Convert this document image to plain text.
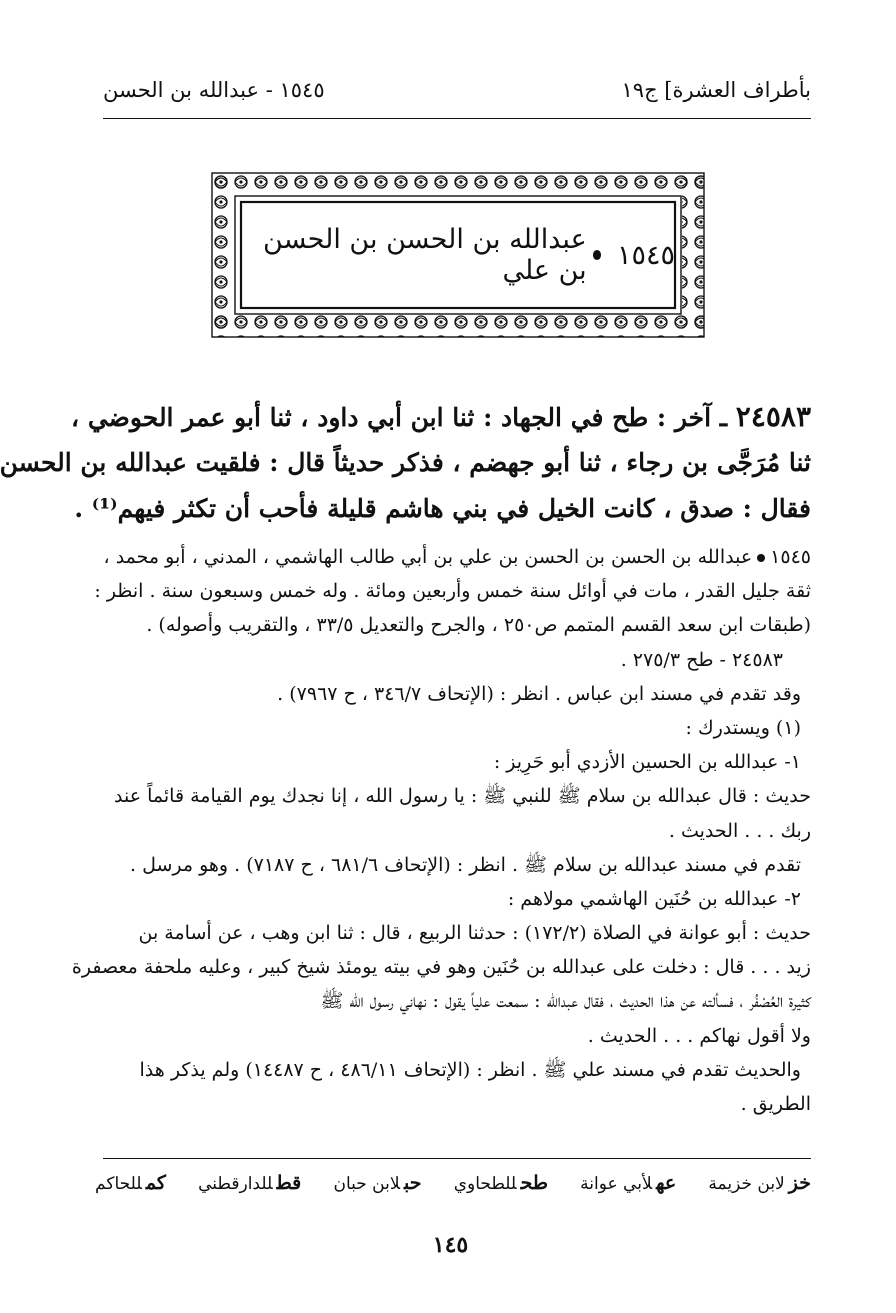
بأطراف العشرة] ج١٩
١٥٤٥ - عبدالله بن الحسن
١٥٤٥
عبدالله بن الحسن بن الحسن بن علي
٢٤٥٨٣ ـ آخر : طح في الجهاد : ثنا ابن أبي داود ، ثنا أبو عمر الحوضي ،
ثنا مُرَجَّى بن رجاء ، ثنا أبو جهضم ، فذكر حديثاً قال : فلقيت عبدالله بن الحسن
فقال : صدق ، كانت الخيل في بني هاشم قليلة فأحب أن تكثر فيهم⁽¹⁾ .
١٥٤٥عبدالله بن الحسن بن الحسن بن علي بن أبي طالب الهاشمي ، المدني ، أبو محمد ،
ثقة جليل القدر ، مات في أوائل سنة خمس وأربعين ومائة . وله خمس وسبعون سنة . انظر :
(طبقات ابن سعد القسم المتمم ص٢٥٠ ، والجرح والتعديل ٣٣/٥ ، والتقريب وأصوله) .
٢٤٥٨٣ - طح ٢٧٥/٣ .
وقد تقدم في مسند ابن عباس . انظر : (الإتحاف ٣٤٦/٧ ، ح ٧٩٦٧) .
(١) ويستدرك :
١- عبدالله بن الحسين الأزدي أبو حَرِيز :
حديث : قال عبدالله بن سلام ﷺ للنبي ﷺ : يا رسول الله ، إنا نجدك يوم القيامة قائماً عند
ربك . . . الحديث .
تقدم في مسند عبدالله بن سلام ﷺ . انظر : (الإتحاف ٦٨١/٦ ، ح ٧١٨٧) . وهو مرسل .
٢- عبدالله بن حُنَين الهاشمي مولاهم :
حديث : أبو عوانة في الصلاة (١٧٢/٢) : حدثنا الربيع ، قال : ثنا ابن وهب ، عن أسامة بن
زيد . . . قال : دخلت على عبدالله بن حُنَين وهو في بيته يومئذ شيخ كبير ، وعليه ملحفة معصفرة
كثيرة العُصْفُر ، فسألته عن هذا الحديث ، فقال عبدالله : سمعت علياً يقول : نهاني رسول الله ﷺ
ولا أقول نهاكم . . . الحديث .
والحديث تقدم في مسند علي ﷺ . انظر : (الإتحاف ٤٨٦/١١ ، ح ١٤٤٨٧) ولم يذكر هذا
الطريق .
خزلابن خزيمة
عهلأبي عوانة
طحللطحاوي
حبلابن حبان
قطللدارقطني
كمللحاكم
١٤٥
